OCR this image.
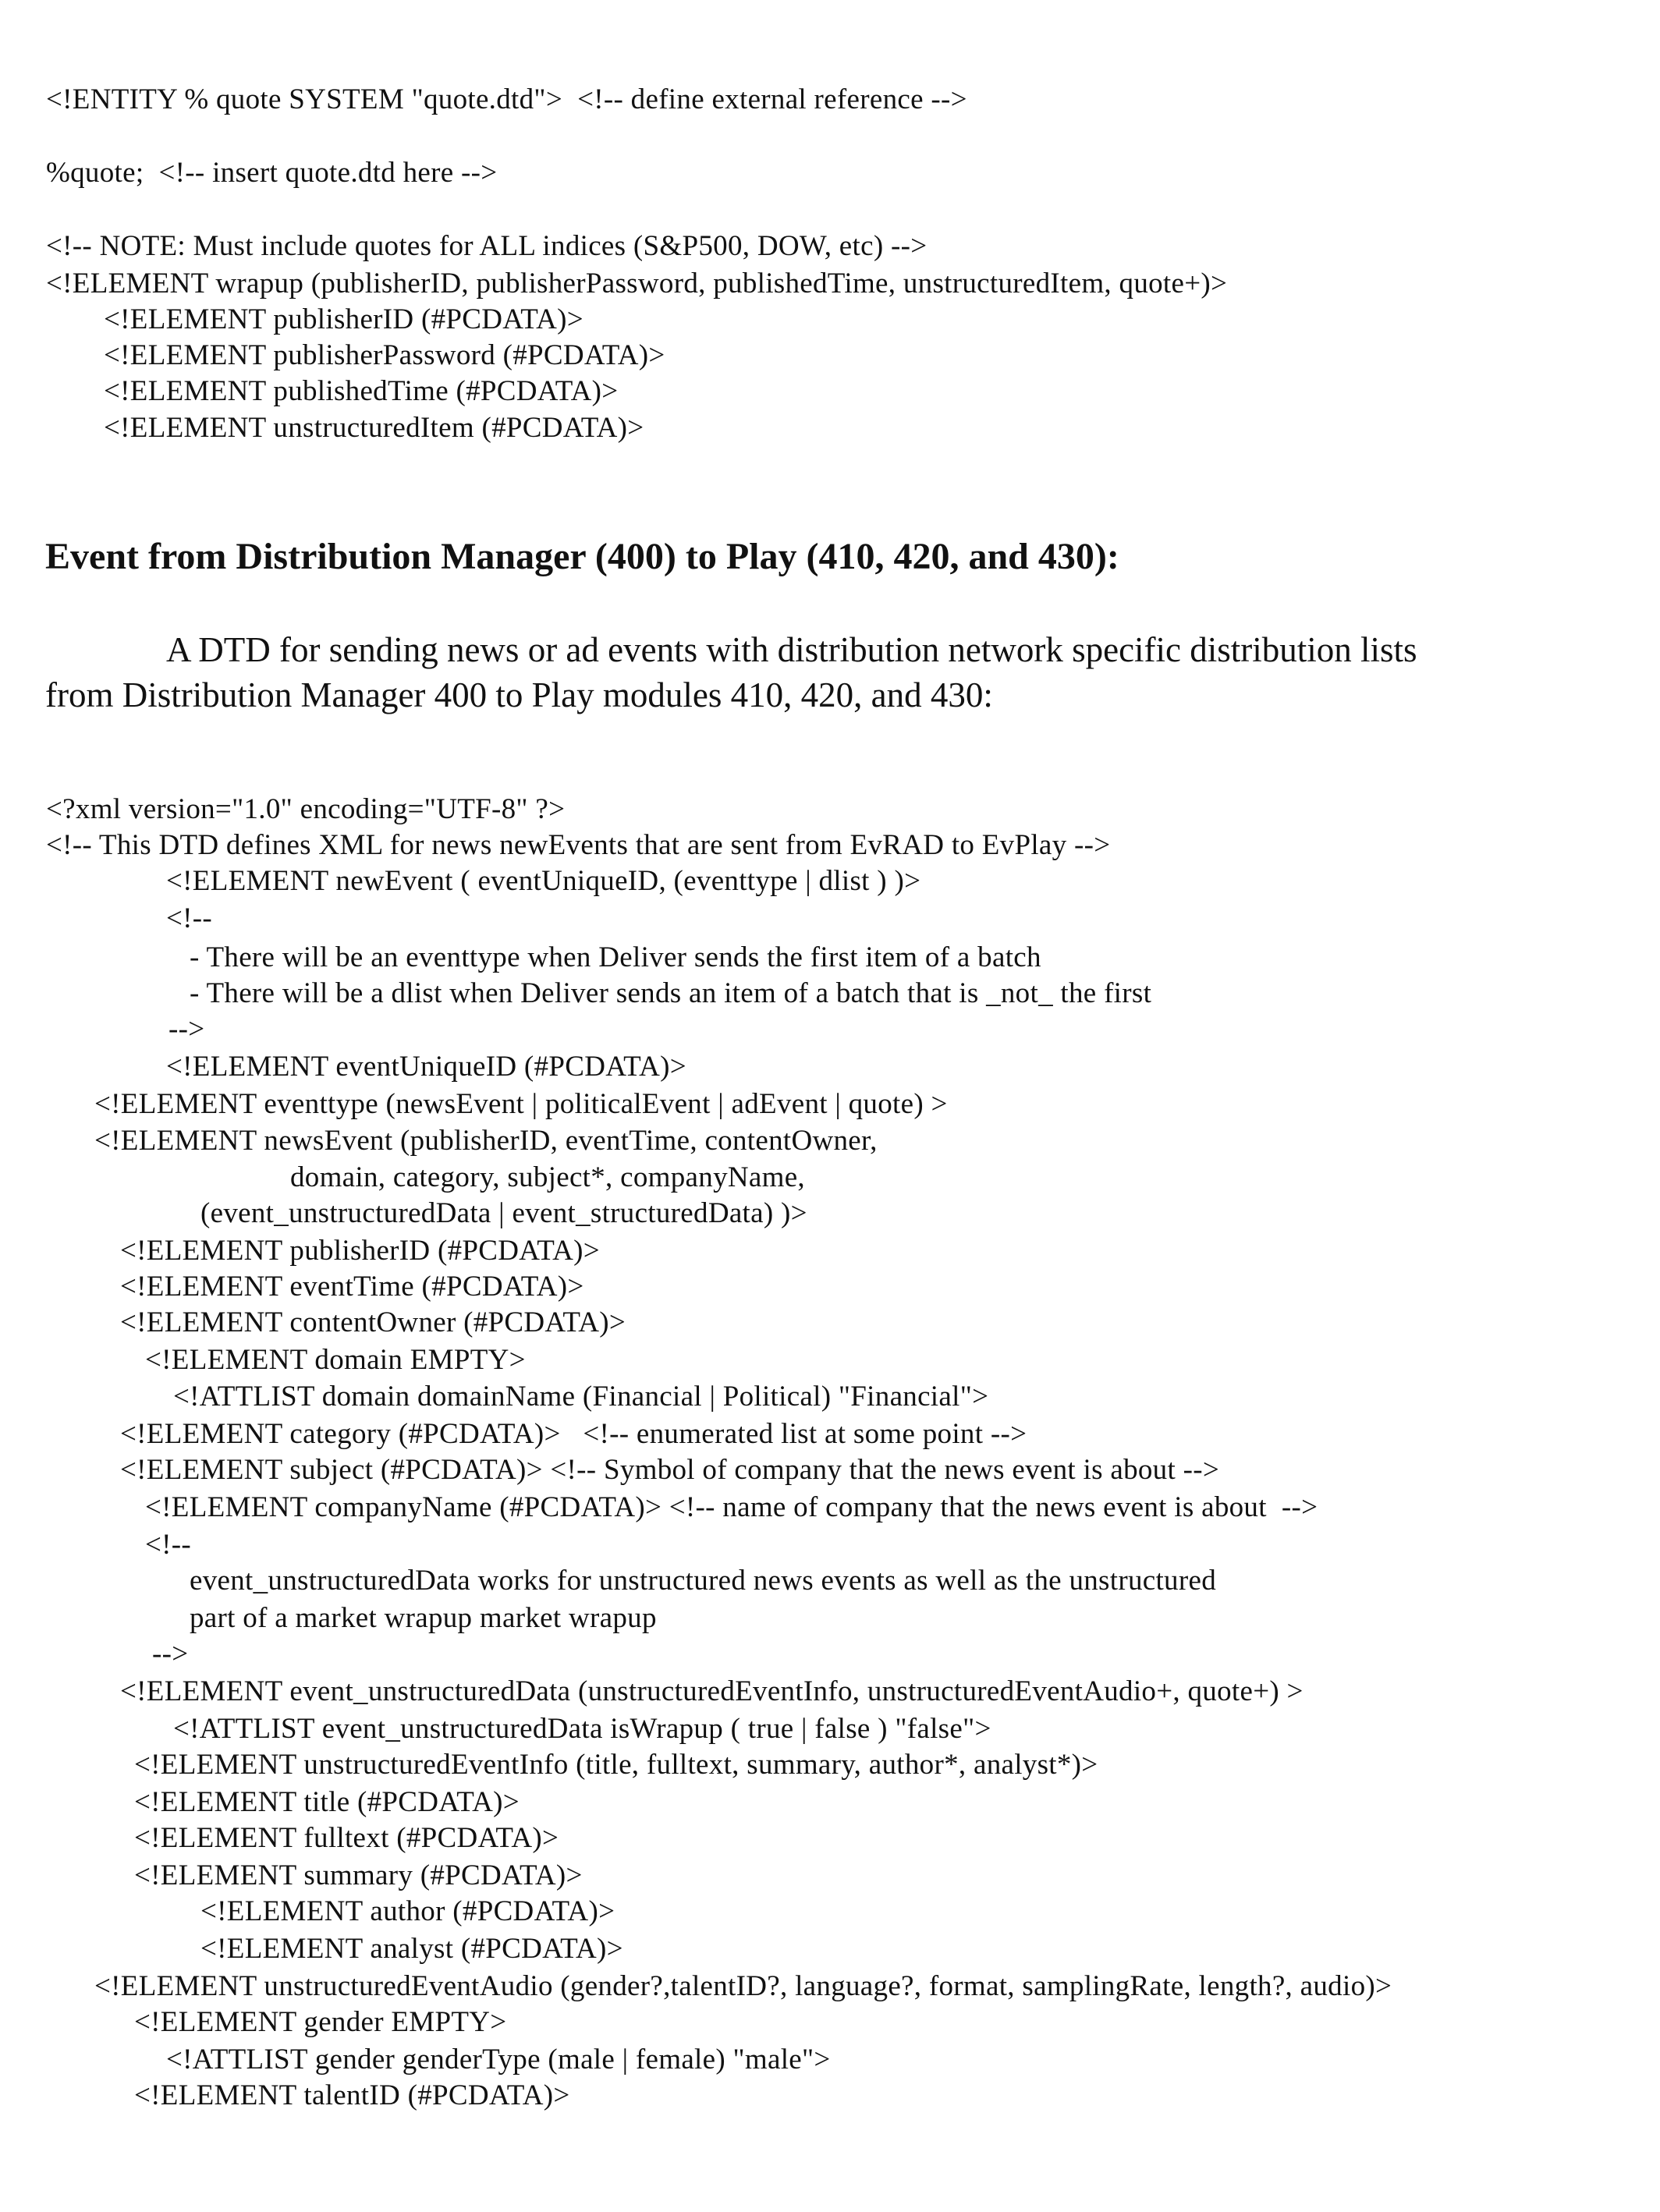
Event from Distribution Manager (400) to Play (410, 420, and 430):
A DTD for sending news or ad events with distribution network specific distribution lists
from Distribution Manager 400 to Play modules 410, 420, and 430:
<!ENTITY % quote SYSTEM "quote.dtd">  <!-- define external reference -->
%quote;  <!-- insert quote.dtd here -->
<!-- NOTE: Must include quotes for ALL indices (S&P500, DOW, etc) -->
<!ELEMENT wrapup (publisherID, publisherPassword, publishedTime, unstructuredItem, quote+)>
<!ELEMENT publisherID (#PCDATA)>
<!ELEMENT publisherPassword (#PCDATA)>
<!ELEMENT publishedTime (#PCDATA)>
<!ELEMENT unstructuredItem (#PCDATA)>
<?xml version="1.0" encoding="UTF-8" ?>
<!-- This DTD defines XML for news newEvents that are sent from EvRAD to EvPlay -->
<!ELEMENT newEvent ( eventUniqueID, (eventtype | dlist ) )>
<!--
- There will be an eventtype when Deliver sends the first item of a batch
- There will be a dlist when Deliver sends an item of a batch that is _not_ the first
-->
<!ELEMENT eventUniqueID (#PCDATA)>
<!ELEMENT eventtype (newsEvent | politicalEvent | adEvent | quote) >
<!ELEMENT newsEvent (publisherID, eventTime, contentOwner,
domain, category, subject*, companyName,
(event_unstructuredData | event_structuredData) )>
<!ELEMENT publisherID (#PCDATA)>
<!ELEMENT eventTime (#PCDATA)>
<!ELEMENT contentOwner (#PCDATA)>
<!ELEMENT domain EMPTY>
<!ATTLIST domain domainName (Financial | Political) "Financial">
<!ELEMENT category (#PCDATA)>   <!-- enumerated list at some point -->
<!ELEMENT subject (#PCDATA)> <!-- Symbol of company that the news event is about -->
<!ELEMENT companyName (#PCDATA)> <!-- name of company that the news event is about  -->
<!--
event_unstructuredData works for unstructured news events as well as the unstructured
part of a market wrapup market wrapup
-->
<!ELEMENT event_unstructuredData (unstructuredEventInfo, unstructuredEventAudio+, quote+) >
<!ATTLIST event_unstructuredData isWrapup ( true | false ) "false">
<!ELEMENT unstructuredEventInfo (title, fulltext, summary, author*, analyst*)>
<!ELEMENT title (#PCDATA)>
<!ELEMENT fulltext (#PCDATA)>
<!ELEMENT summary (#PCDATA)>
<!ELEMENT author (#PCDATA)>
<!ELEMENT analyst (#PCDATA)>
<!ELEMENT unstructuredEventAudio (gender?,talentID?, language?, format, samplingRate, length?, audio)>
<!ELEMENT gender EMPTY>
<!ATTLIST gender genderType (male | female) "male">
<!ELEMENT talentID (#PCDATA)>
